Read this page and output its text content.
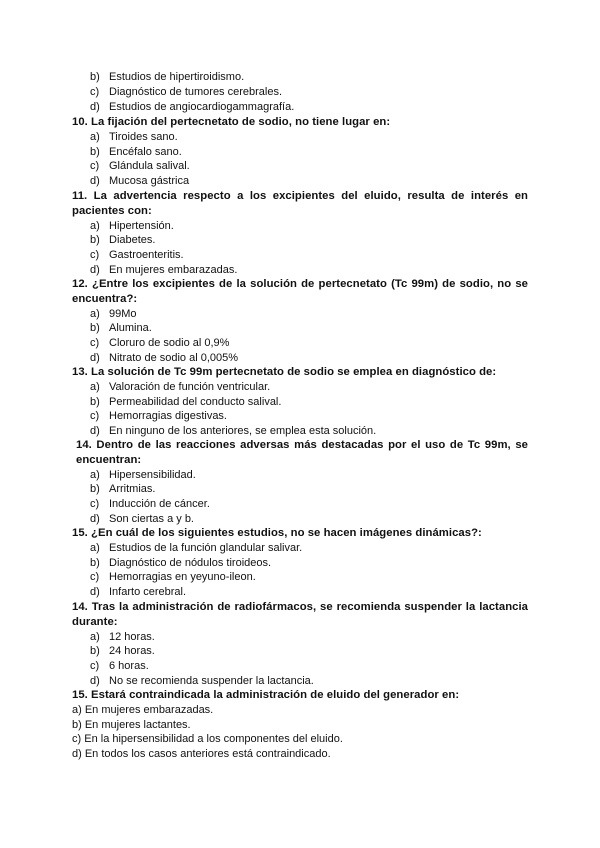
b) Estudios de hipertiroidismo.
c) Diagnóstico de tumores cerebrales.
d) Estudios de angiocardiogammagrafía.

10. La fijación del pertecnetato de sodio, no tiene lugar en:

a) Tiroides sano.
b) Encéfalo sano.
c) Glándula salival.
d) Mucosa gástrica

11. La advertencia respecto a los excipientes del eluido, resulta de interés en pacientes con:

a) Hipertensión.
b) Diabetes.
c) Gastroenteritis.
d) En mujeres embarazadas.

12. ¿Entre los excipientes de la solución de pertecnetato (Tc 99m) de sodio, no se encuentra?:

a) 99Mo
b) Alumina.
c) Cloruro de sodio al 0,9%
d) Nitrato de sodio al 0,005%

13. La solución de Tc 99m pertecnetato de sodio se emplea en diagnóstico de:

a) Valoración de función ventricular.
b) Permeabilidad del conducto salival.
c) Hemorragias digestivas.
d) En ninguno de los anteriores, se emplea esta solución.

14. Dentro de las reacciones adversas más destacadas por el uso de Tc 99m, se encuentran:

a) Hipersensibilidad.
b) Arritmias.
c) Inducción de cáncer.
d) Son ciertas a y b.

15. ¿En cuál de los siguientes estudios, no se hacen imágenes dinámicas?:

a) Estudios de la función glandular salivar.
b) Diagnóstico de nódulos tiroideos.
c) Hemorragias en yeyuno-ileon.
d) Infarto cerebral.

14. Tras la administración de radiofármacos, se recomienda suspender la lactancia durante:

a) 12 horas.
b) 24 horas.
c) 6 horas.
d) No se recomienda suspender la lactancia.

15. Estará contraindicada la administración de eluido del generador en:

a)
En mujeres embarazadas.
b)
En mujeres lactantes.
c)
En la hipersensibilidad a los componentes del eluido.
d)
En todos los casos anteriores está contraindicado.
